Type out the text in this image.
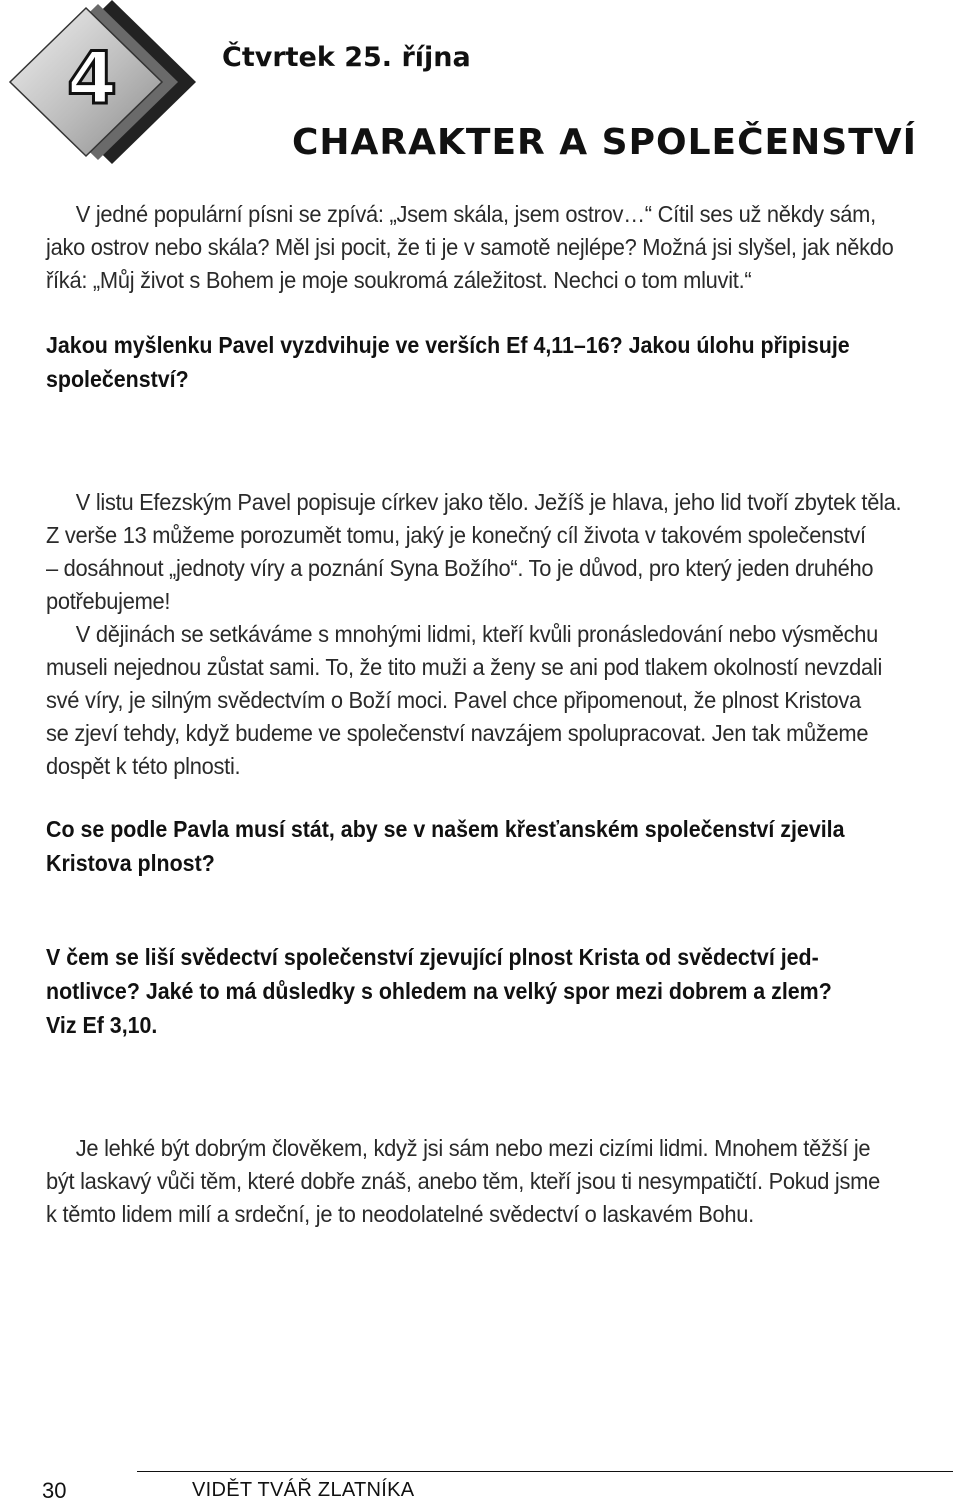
4	Čtvrtek 25. října
CHARAKTER A SPOLEČENSTVÍ
V jedné populární písni se zpívá: „Jsem skála, jsem ostrov…“ Cítil ses už někdy sám,
jako ostrov nebo skála? Měl jsi pocit, že ti je v samotě nejlépe? Možná jsi slyšel, jak někdo
říká: „Můj život s Bohem je moje soukromá záležitost. Nechci o tom mluvit.“
Jakou myšlenku Pavel vyzdvihuje ve verších Ef 4,11–16? Jakou úlohu připisuje
společenství?
V listu Efezským Pavel popisuje církev jako tělo. Ježíš je hlava, jeho lid tvoří zbytek těla.
Z verše 13 můžeme porozumět tomu, jaký je konečný cíl života v takovém společenství
– dosáhnout „jednoty víry a poznání Syna Božího“. To je důvod, pro který jeden druhého
potřebujeme!
V dějinách se setkáváme s mnohými lidmi, kteří kvůli pronásledování nebo výsměchu
museli nejednou zůstat sami. To, že tito muži a ženy se ani pod tlakem okolností nevzdali
své víry, je silným svědectvím o Boží moci. Pavel chce připomenout, že plnost Kristova
se zjeví tehdy, když budeme ve společenství navzájem spolupracovat. Jen tak můžeme
dospět k této plnosti.
Co se podle Pavla musí stát, aby se v našem křesťanském společenství zjevila
Kristova plnost?
V čem se liší svědectví společenství zjevující plnost Krista od svědectví jed-
notlivce? Jaké to má důsledky s ohledem na velký spor mezi dobrem a zlem?
Viz Ef 3,10.
Je lehké být dobrým člověkem, když jsi sám nebo mezi cizími lidmi. Mnohem těžší je
být laskavý vůči těm, které dobře znáš, anebo těm, kteří jsou ti nesympatičtí. Pokud jsme
k těmto lidem milí a srdeční, je to neodolatelné svědectví o laskavém Bohu.
30	VIDĚT TVÁŘ ZLATNÍKA
